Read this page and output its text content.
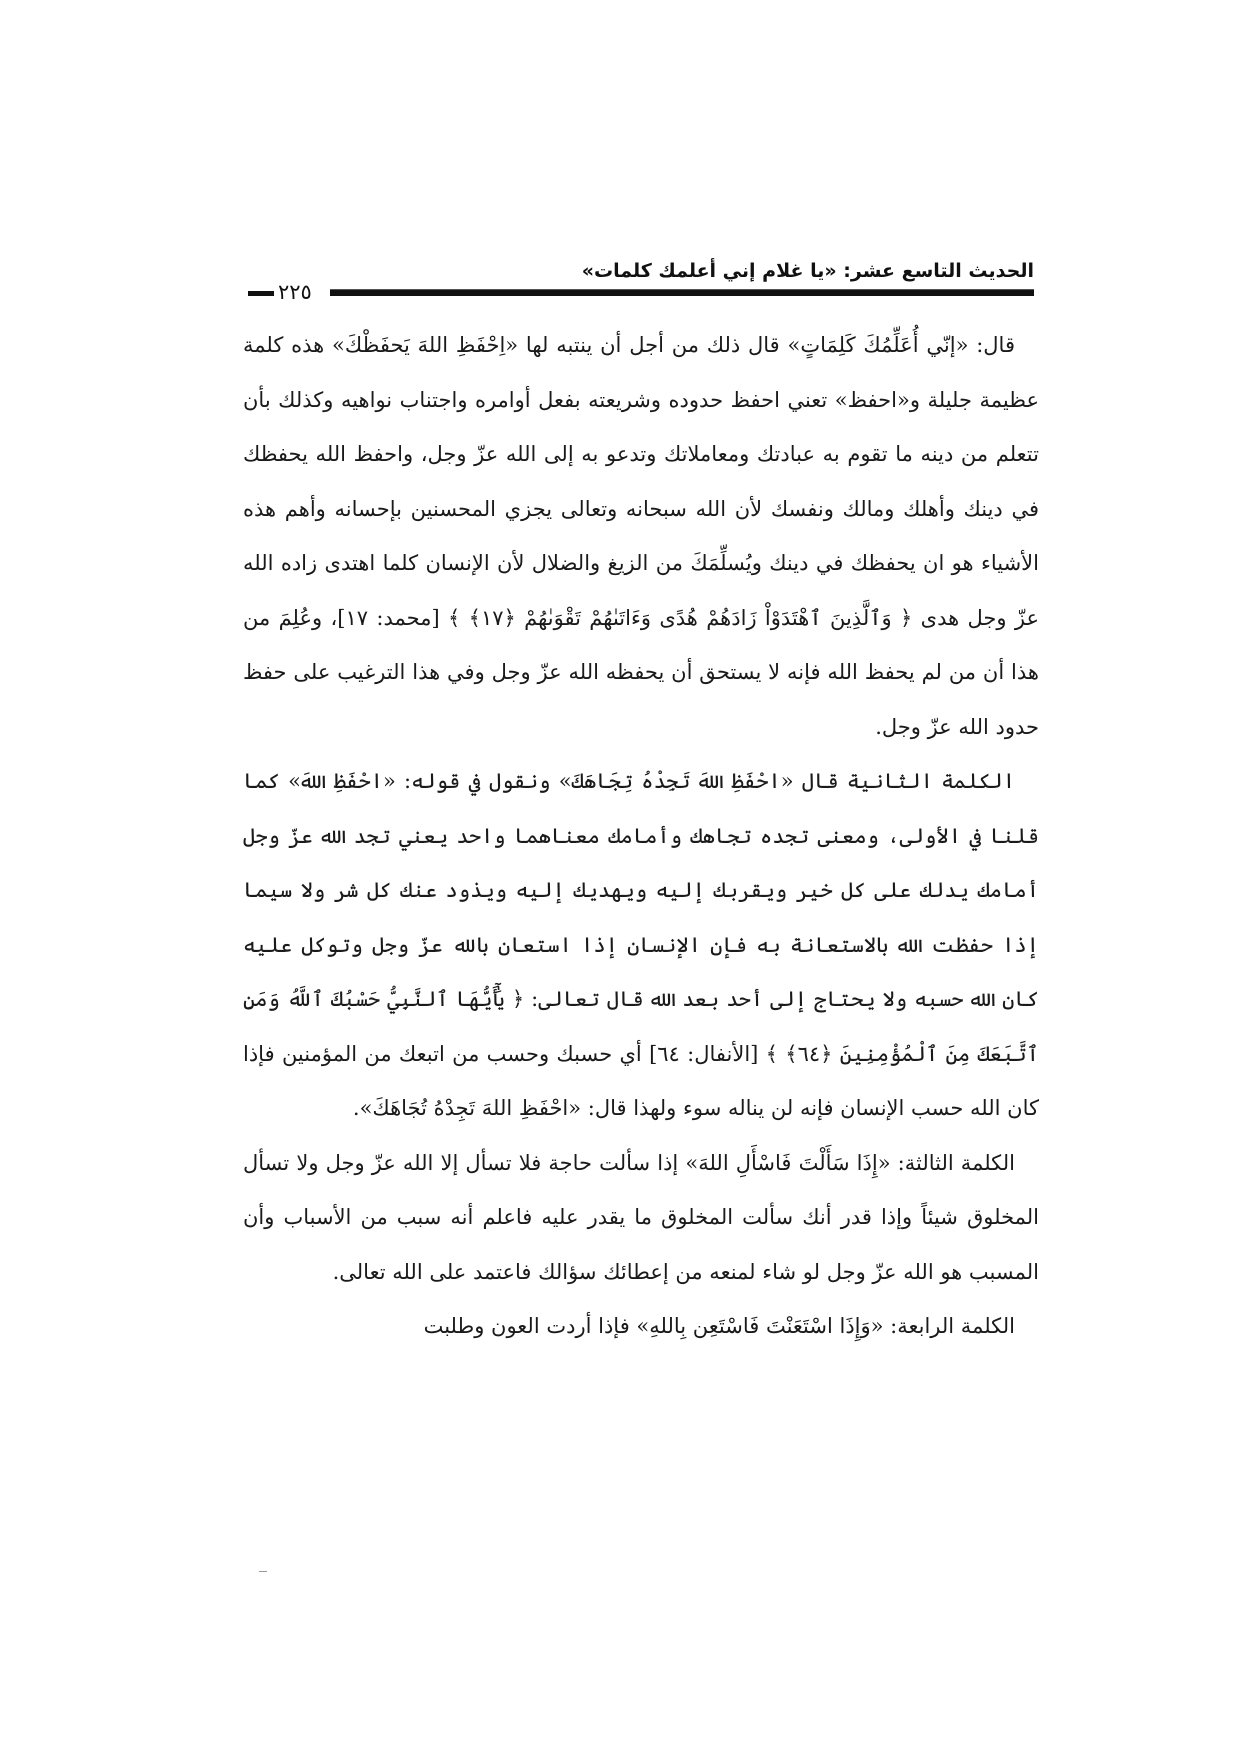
الحديث التاسع عشر: «يا غلام إني أعلمك كلمات»
٢٢٥

قال: «إنّي أُعَلِّمُكَ كَلِمَاتٍ» قال ذلك من أجل أن ينتبه لها «اِحْفَظِ اللهَ يَحفَظْكَ» هذه كلمة عظيمة جليلة و«احفظ» تعني احفظ حدوده وشريعته بفعل أوامره واجتناب نواهيه وكذلك بأن تتعلم من دينه ما تقوم به عبادتك ومعاملاتك وتدعو به إلى الله عزّ وجل، واحفظ الله يحفظك في دينك وأهلك ومالك ونفسك لأن الله سبحانه وتعالى يجزي المحسنين بإحسانه وأهم هذه الأشياء هو ان يحفظك في دينك ويُسلِّمَكَ من الزيغ والضلال لأن الإنسان كلما اهتدى زاده الله عزّ وجل هدى ﴿ وَٱلَّذِينَ ٱهْتَدَوْاْ زَادَهُمْ هُدًى وَءَاتَىٰهُمْ تَقْوَىٰهُمْ ﴿١٧﴾ ﴾ [محمد: ١٧]، وعُلِمَ من هذا أن من لم يحفظ الله فإنه لا يستحق أن يحفظه الله عزّ وجل وفي هذا الترغيب على حفظ حدود الله عزّ وجل.

الكلمة الثانية قال «احْفَظِ اللهَ تَجِدْهُ تِجَاهَكَ» ونقول في قوله: «احْفَظِ اللهَ» كما قلنا في الأولى، ومعنى تجده تجاهك وأمامك معناهما واحد يعني تجد الله عزّ وجل أمامك يدلك على كل خير ويقربك إليه ويهديك إليه ويذود عنك كل شر ولا سيما إذا حفظت الله بالاستعانة به فإن الإنسان إذا استعان بالله عزّ وجل وتوكل عليه كان الله حسبه ولا يحتاج إلى أحد بعد الله قال تعالى: ﴿ يَٰٓأَيُّهَا ٱلنَّبِيُّ حَسْبُكَ ٱللَّهُ وَمَنِ ٱتَّبَعَكَ مِنَ ٱلْمُؤْمِنِينَ ﴿٦٤﴾ ﴾ [الأنفال: ٦٤] أي حسبك وحسب من اتبعك من المؤمنين فإذا كان الله حسب الإنسان فإنه لن يناله سوء ولهذا قال: «احْفَظِ اللهَ تَجِدْهُ تُجَاهَكَ».

الكلمة الثالثة: «إِذَا سَأَلْتَ فَاسْأَلِ اللهَ» إذا سألت حاجة فلا تسأل إلا الله عزّ وجل ولا تسأل المخلوق شيئاً وإذا قدر أنك سألت المخلوق ما يقدر عليه فاعلم أنه سبب من الأسباب وأن المسبب هو الله عزّ وجل لو شاء لمنعه من إعطائك سؤالك فاعتمد على الله تعالى.

الكلمة الرابعة: «وَإِذَا اسْتَعَنْتَ فَاسْتَعِن بِاللهِ» فإذا أردت العون وطلبت
